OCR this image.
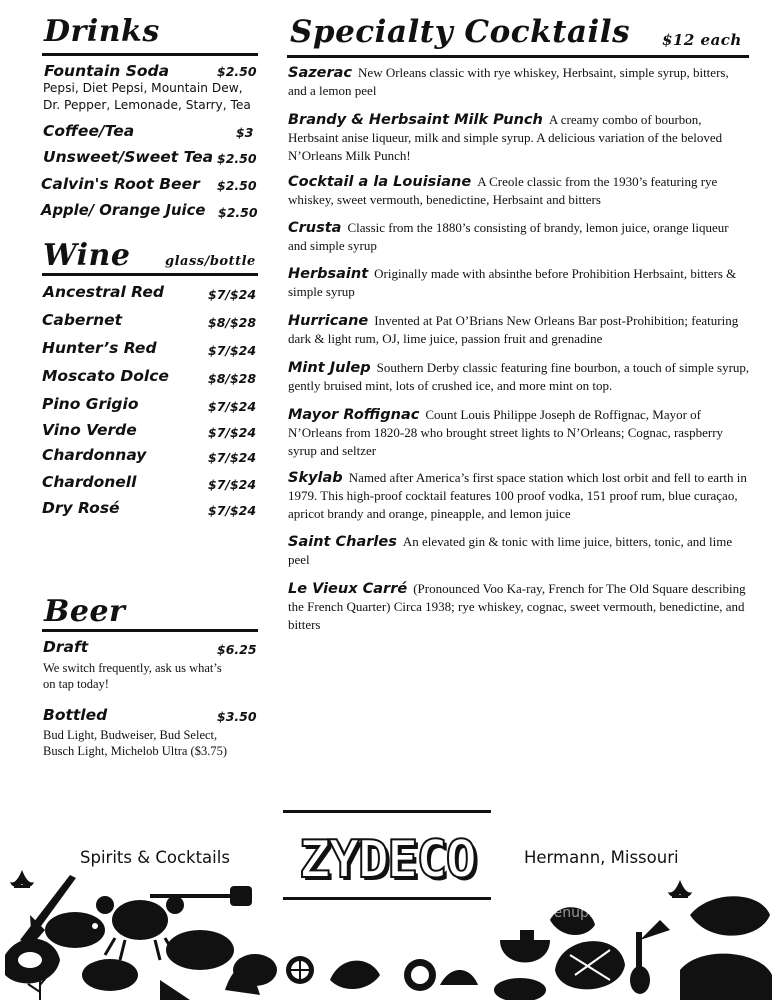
Drinks
Fountain Soda	$2.50
Pepsi, Diet Pepsi, Mountain Dew,
Dr. Pepper, Lemonade, Starry, Tea
Coffee/Tea	$3
Unsweet/Sweet Tea $2.50
Calvin's Root Beer $2.50
Apple/ Orange Juice $2.50
Wine	glass/bottle
Ancestral Red	$7/$24
Cabernet	$8/$28
Hunter’s Red	$7/$24
Moscato Dolce	$8/$28
Pino Grigio	$7/$24
Vino Verde	$7/$24
Chardonnay	$7/$24
Chardonell	$7/$24
Dry Rosé	$7/$24
Beer
Draft	$6.25
We switch frequently, ask us what’s
on tap today!
Bottled	$3.50
Bud Light, Budweiser, Bud Select,
Busch Light, Michelob Ultra ($3.75)
Specialty Cocktails $12 each
Sazerac New Orleans classic with rye whiskey, Herbsaint, simple syrup, bitters, and a lemon peel
Brandy & Herbsaint Milk Punch A creamy combo of bourbon, Herbsaint anise liqueur, milk and simple syrup. A delicious variation of the beloved N’Orleans Milk Punch!
Cocktail a la Louisiane A Creole classic from the 1930’s featuring rye whiskey, sweet vermouth, benedictine, Herbsaint and bitters
Crusta Classic from the 1880’s consisting of brandy, lemon juice, orange liqueur and simple syrup
Herbsaint Originally made with absinthe before Prohibition Herbsaint, bitters & simple syrup
Hurricane Invented at Pat O’Brians New Orleans Bar post-Prohibition; featuring dark & light rum, OJ, lime juice, passion fruit and grenadine
Mint Julep Southern Derby classic featuring fine bourbon, a touch of simple syrup, gently bruised mint, lots of crushed ice, and more mint on top.
Mayor Roffignac Count Louis Philippe Joseph de Roffignac, Mayor of N’Orleans from 1820-28 who brought street lights to N’Orleans; Cognac, raspberry syrup and seltzer
Skylab Named after America’s first space station which lost orbit and fell to earth in 1979. This high-proof cocktail features 100 proof vodka, 151 proof rum, blue curaçao, apricot brandy and orange, pineapple, and lemon juice
Saint Charles An elevated gin & tonic with lime juice, bitters, tonic, and lime peel
Le Vieux Carré (Pronounced Voo Ka-ray, French for The Old Square describing the French Quarter) Circa 1938; rye whiskey, cognac, sweet vermouth, benedictine, and bitters
Spirits & Cocktails	Hermann, Missouri
ZYDECO
menupix
